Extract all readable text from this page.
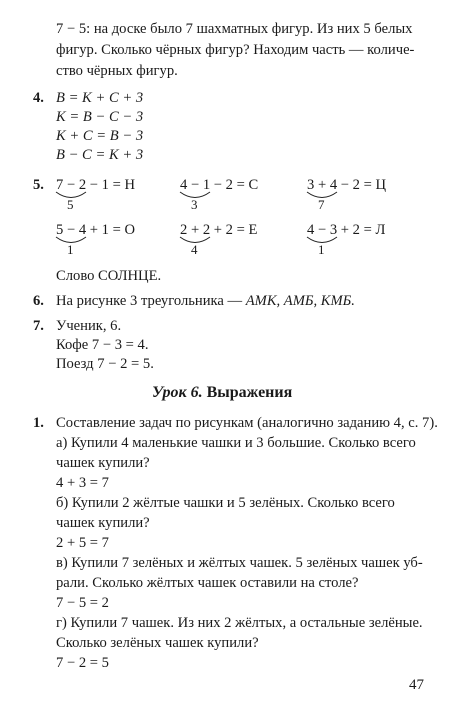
7 − 5: на доске было 7 шахматных фигур. Из них 5 белых
фигур. Сколько чёрных фигур? Находим часть — количе-
ство чёрных фигур.
4. B = K + C + 3
K = B − C − 3
K + C = B − 3
B − C = K + 3
5. 7 − 2 − 1 = Н
5
4 − 1 − 2 = С
3
3 + 4 − 2 = Ц
7
5 − 4 + 1 = О
1
2 + 2 + 2 = Е
4
4 − 3 + 2 = Л
1
Слово СОЛНЦЕ.
6. На рисунке 3 треугольника — АМК, АМБ, КМБ.
7. Ученик, 6.
Кофе 7 − 3 = 4.
Поезд 7 − 2 = 5.
Урок 6. Выражения
1. Составление задач по рисункам (аналогично заданию 4, с. 7).
а) Купили 4 маленькие чашки и 3 большие. Сколько всего
чашек купили?
4 + 3 = 7
б) Купили 2 жёлтые чашки и 5 зелёных. Сколько всего
чашек купили?
2 + 5 = 7
в) Купили 7 зелёных и жёлтых чашек. 5 зелёных чашек уб-
рали. Сколько жёлтых чашек оставили на столе?
7 − 5 = 2
г) Купили 7 чашек. Из них 2 жёлтых, а остальные зелёные.
Сколько зелёных чашек купили?
7 − 2 = 5
47
